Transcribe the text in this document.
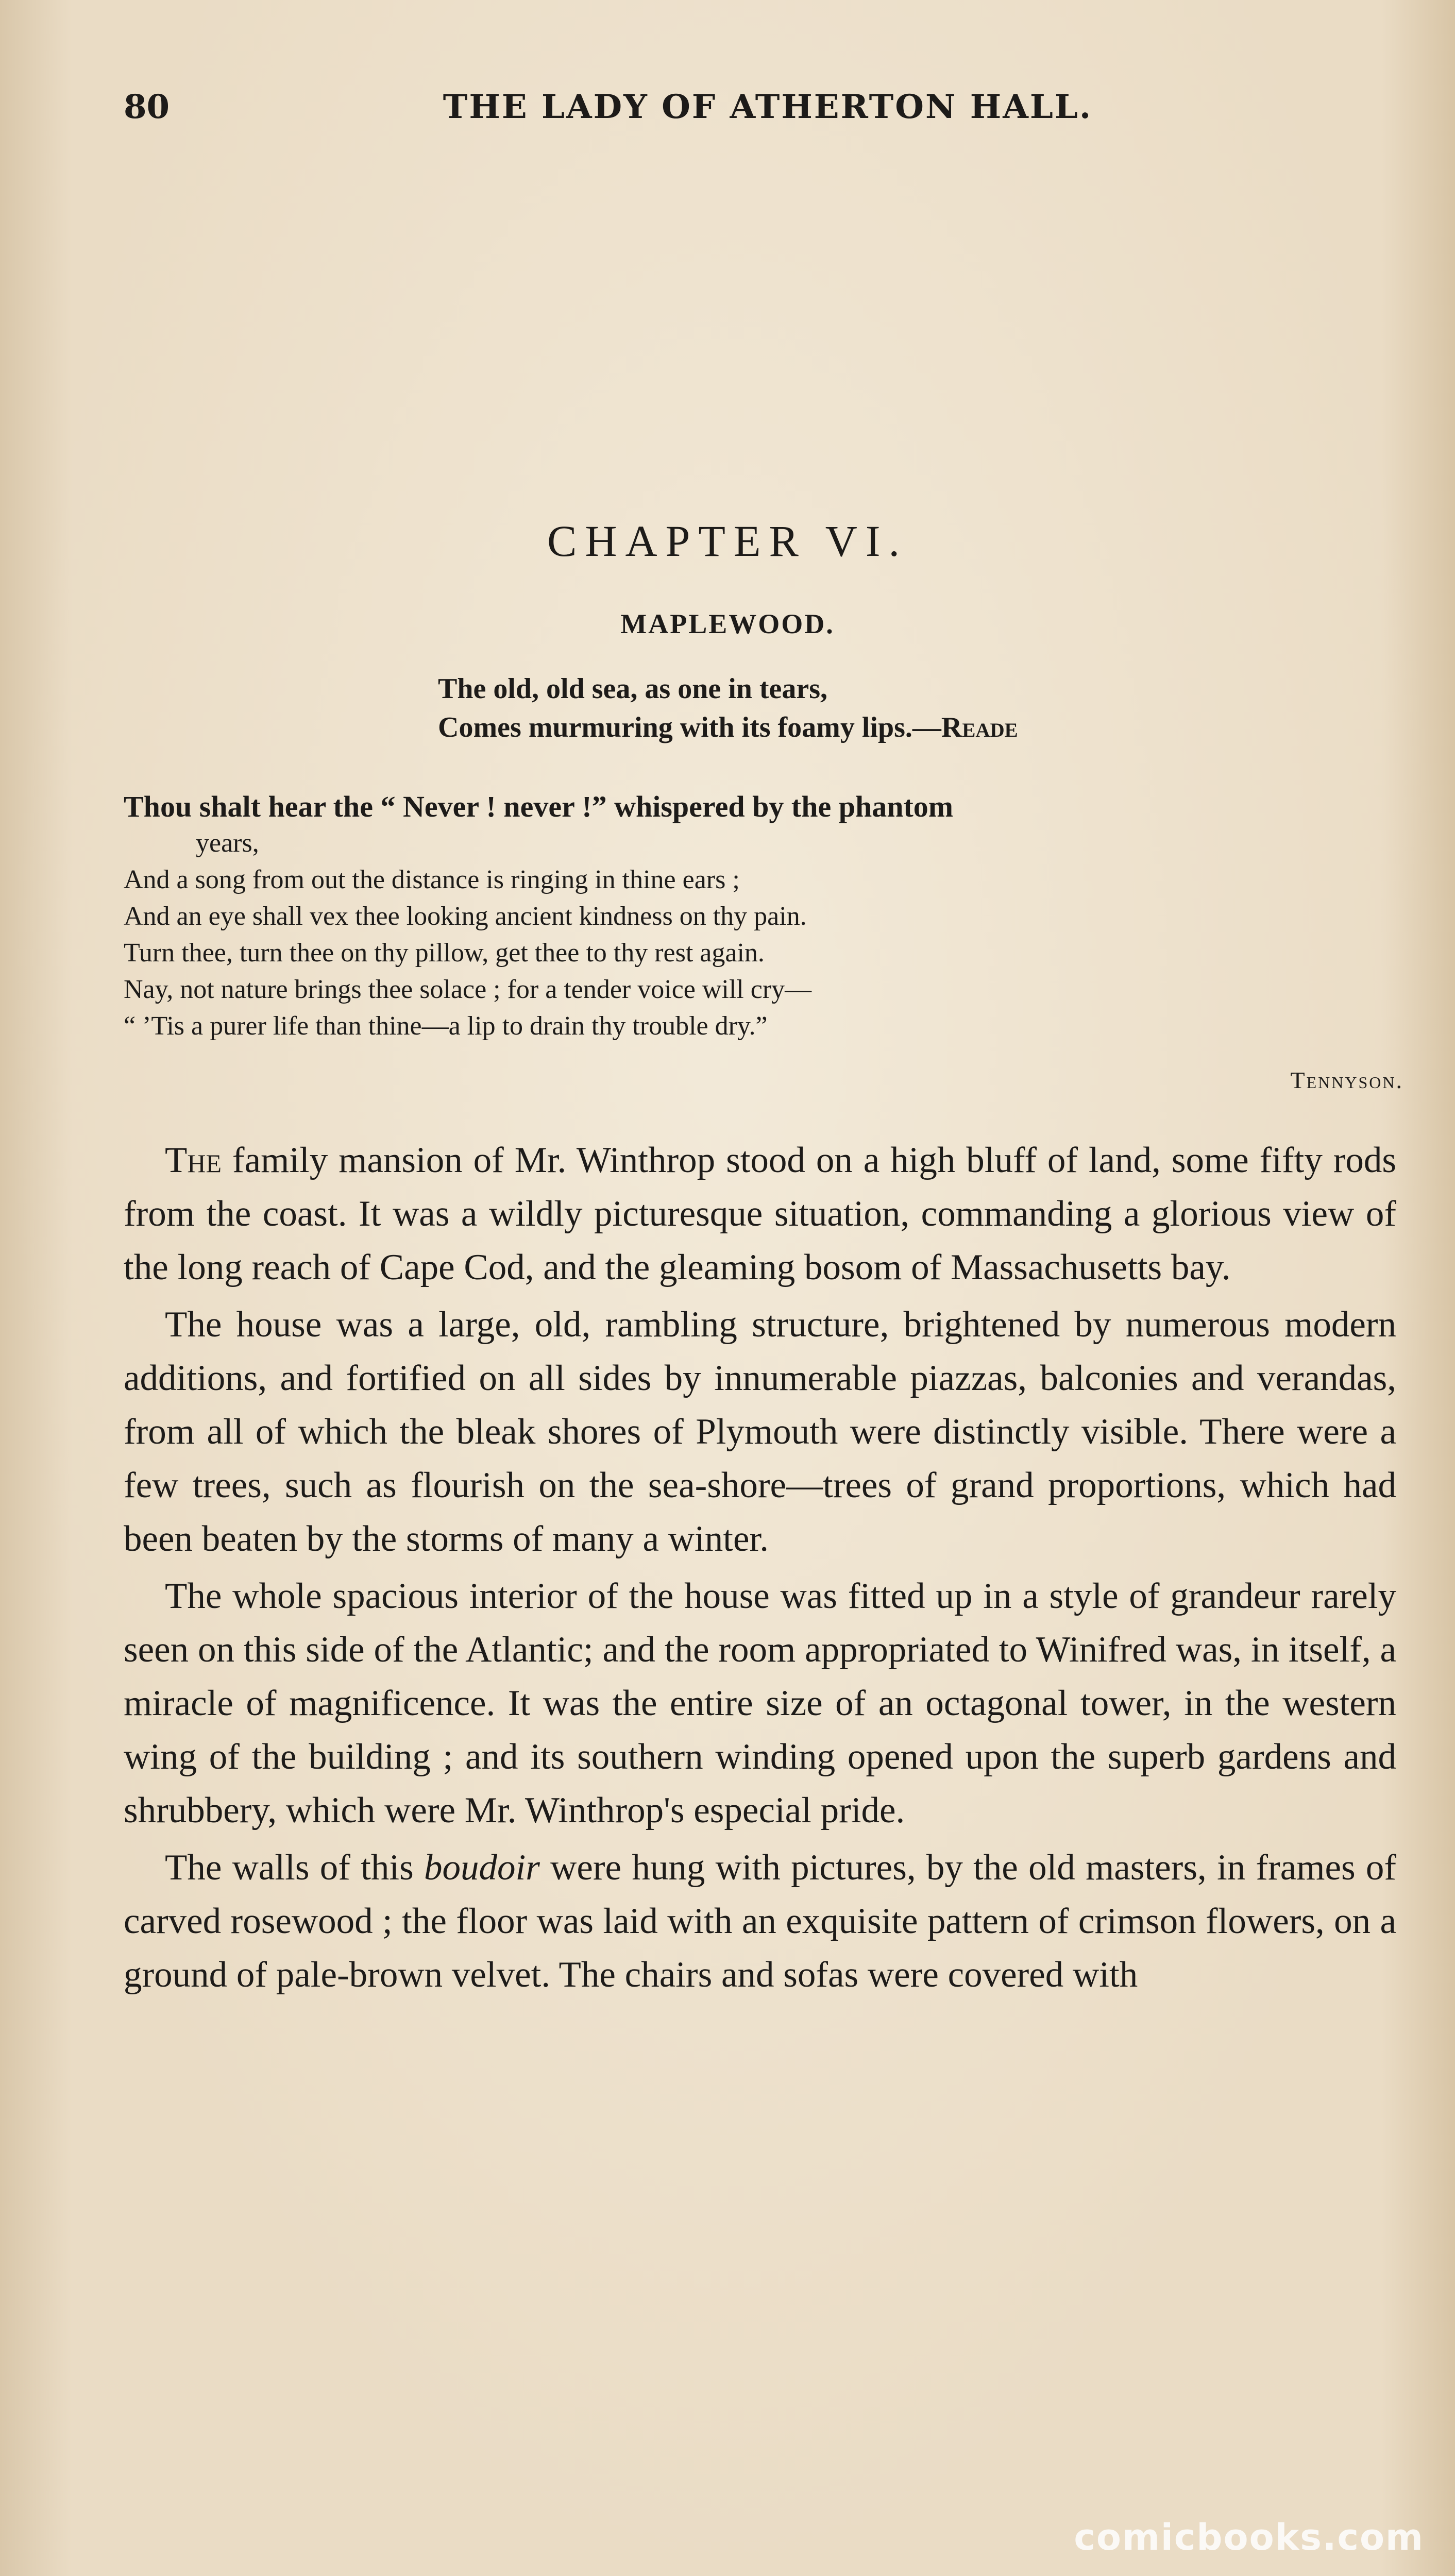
80	THE LADY OF ATHERTON HALL.
CHAPTER VI.
MAPLEWOOD.
The old, old sea, as one in tears,
Comes murmuring with its foamy lips.—Reade
Thou shalt hear the “ Never ! never !” whispered by the phantom
years,
And a song from out the distance is ringing in thine ears ;
And an eye shall vex thee looking ancient kindness on thy pain.
Turn thee, turn thee on thy pillow, get thee to thy rest again.
Nay, not nature brings thee solace ; for a tender voice will cry—
“ ’Tis a purer life than thine—a lip to drain thy trouble dry.”
Tennyson.

The family mansion of Mr. Winthrop stood on a high bluff of land, some fifty rods from the coast. It was a wildly picturesque situation, commanding a glorious view of the long reach of Cape Cod, and the gleaming bosom of Massachusetts bay.

The house was a large, old, rambling structure, brightened by numerous modern additions, and fortified on all sides by innumerable piazzas, balconies and verandas, from all of which the bleak shores of Plymouth were distinctly visible. There were a few trees, such as flourish on the sea-shore—trees of grand proportions, which had been beaten by the storms of many a winter.

The whole spacious interior of the house was fitted up in a style of grandeur rarely seen on this side of the Atlantic; and the room appropriated to Winifred was, in itself, a miracle of magnificence. It was the entire size of an octagonal tower, in the western wing of the building ; and its southern winding opened upon the superb gardens and shrubbery, which were Mr. Winthrop's especial pride.

The walls of this boudoir were hung with pictures, by the old masters, in frames of carved rosewood ; the floor was laid with an exquisite pattern of crimson flowers, on a ground of pale-brown velvet. The chairs and sofas were covered with

comicbooks.com
